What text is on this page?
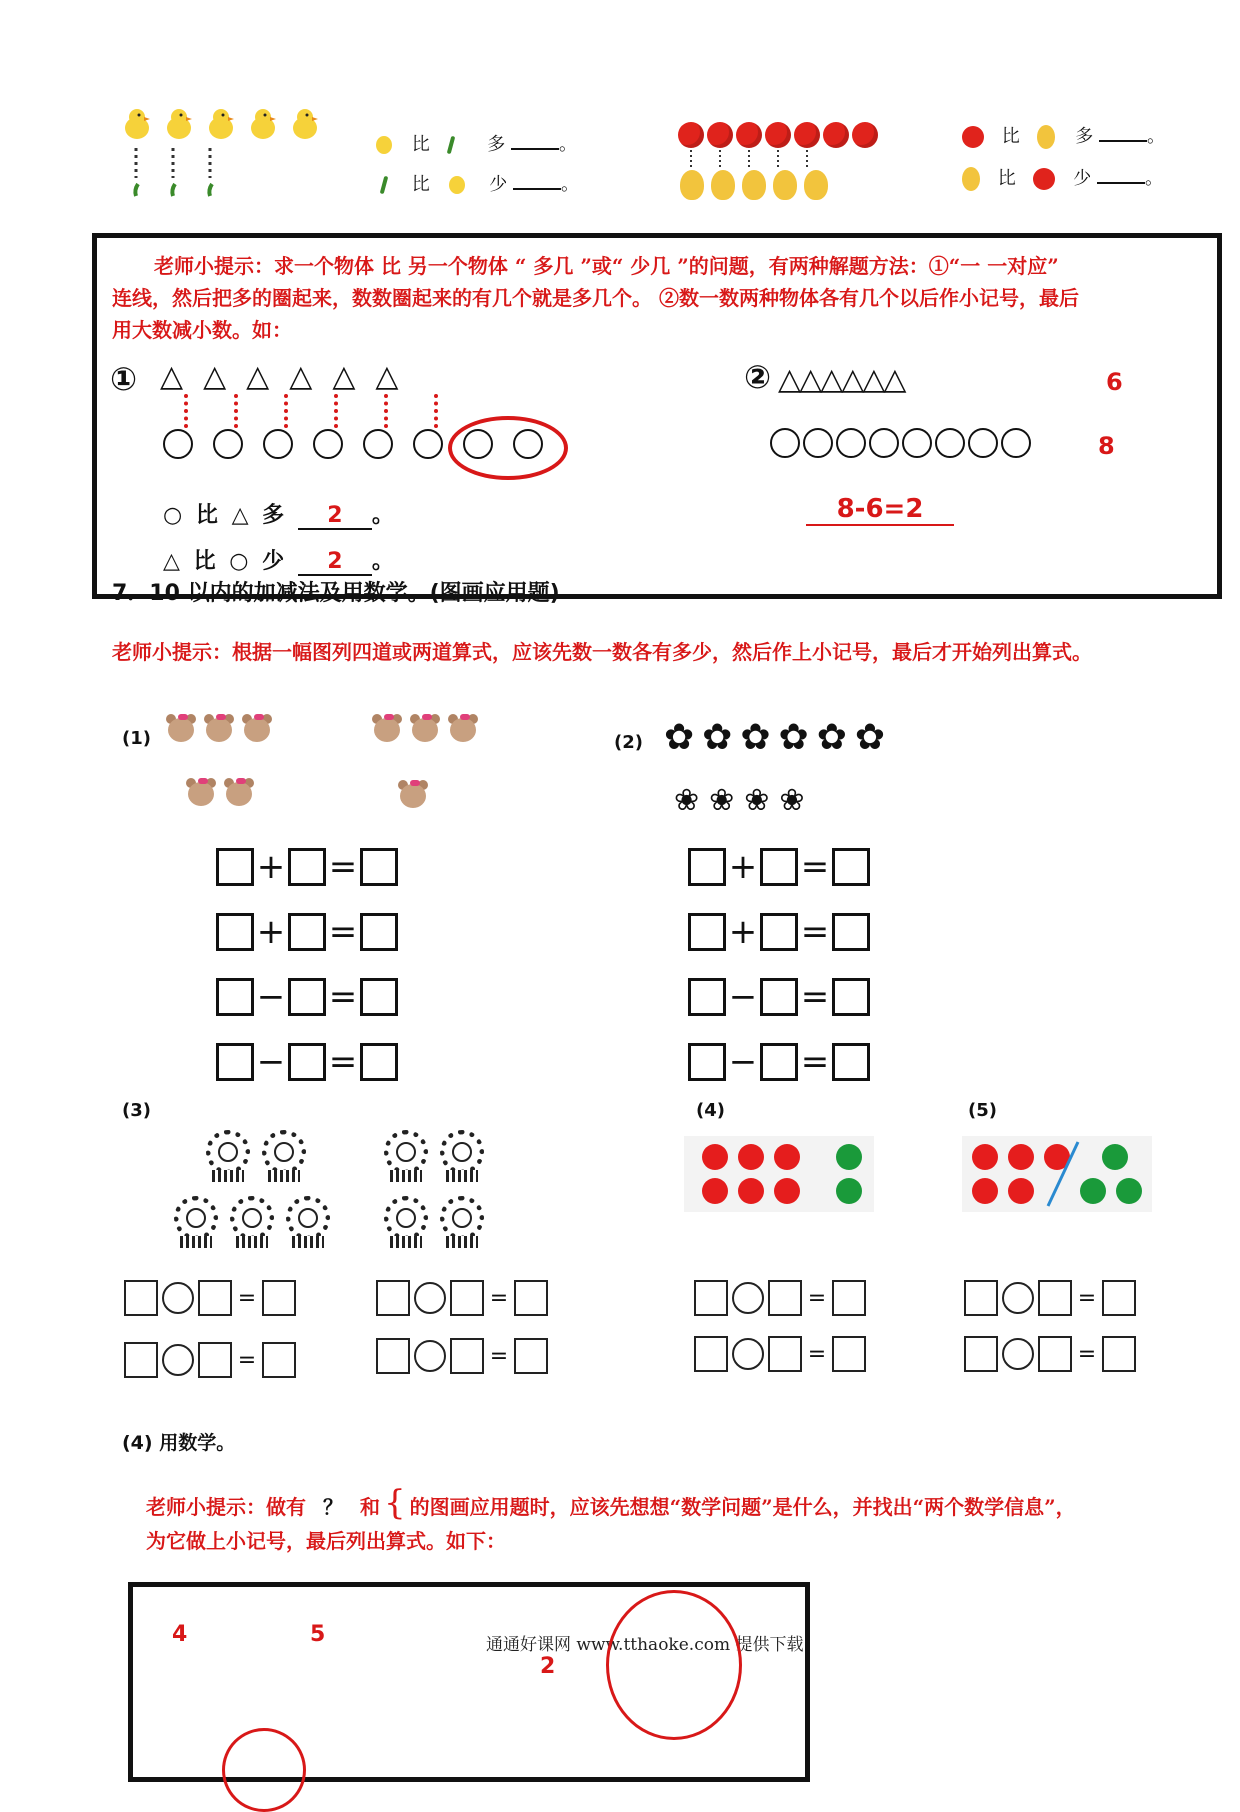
比	多	。
比	少	。
比	多	。
比	少	。
老师小提示：求一个物体 比 另一个物体 “ 多几 ”或“ 少几 ”的问题，有两种解题方法：①“一 一对应”
连线，然后把多的圈起来，数数圈起来的有几个就是多几个。 ②数一数两种物体各有几个以后作小记号，最后
用大数减小数。如：
① △ △ △ △ △ △
○ 比 △ 多 2 。
△ 比 ○ 少 2 。
② △△△△△△	6
8
8-6=2
7．10 以内的加减法及用数学。(图画应用题)
老师小提示：根据一幅图列四道或两道算式，应该先数一数各有多少，然后作上小记号，最后才开始列出算式。
(1)
+ =
+ =
− =
− =
(2) ✿ ✿ ✿ ✿ ✿ ✿
❀ ❀ ❀ ❀
+ =
+ =
− =
− =
(3)
=
=
=
=
(4)	(5)
=
=
=
=
(4) 用数学。
老师小提示：做有 ？ 和 { 的图画应用题时，应该先想想“数学问题”是什么，并找出“两个数学信息”，
为它做上小记号，最后列出算式。如下：
4	5	通通好课网 www.tthaoke.com 提供下载
2
